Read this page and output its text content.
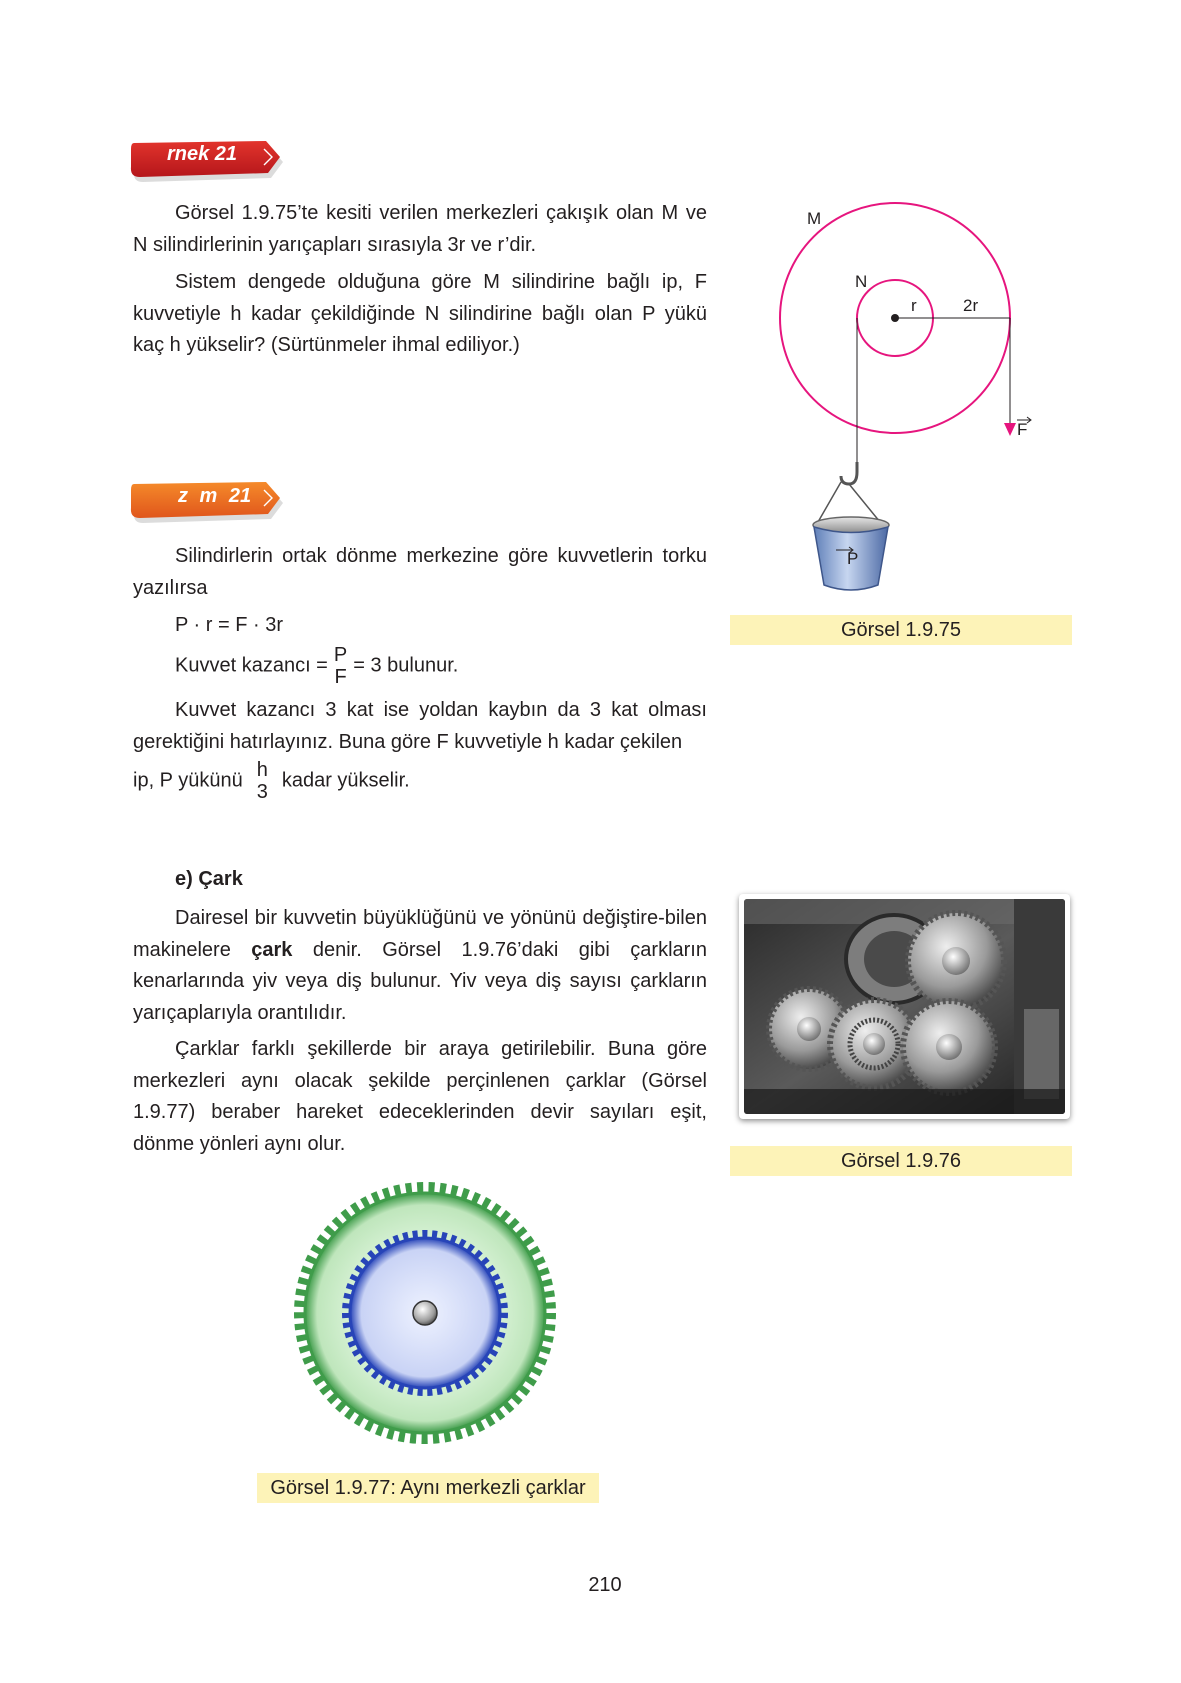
rnek 21

Görsel 1.9.75’te kesiti verilen merkezleri çakışık olan M ve N silindirlerinin yarıçapları sırasıyla 3r ve r’dir.

Sistem dengede olduğuna göre M silindirine bağlı ip, F kuvvetiyle h kadar çekildiğinde N silindirine bağlı olan P yükü kaç h yükselir? (Sürtünmeler ihmal ediliyor.)

M
N
r	2r
F
P
Görsel 1.9.75
z m 21

Silindirlerin ortak dönme merkezine göre kuvvetlerin torku yazılırsa

P · r = F · 3r
Kuvvet kazancı = P
F
= 3 bulunur.

Kuvvet kazancı 3 kat ise yoldan kaybın da 3 kat olması gerektiğini hatırlayınız. Buna göre F kuvvetiyle h kadar çekilen

ip, P yükünü h
3
kadar yükselir.
e) Çark

Dairesel bir kuvvetin büyüklüğünü ve yönünü değiştire-bilen makinelere çark denir. Görsel 1.9.76’daki gibi çarkların kenarlarında yiv veya diş bulunur. Yiv veya diş sayısı çarkların yarıçaplarıyla orantılıdır.

Çarklar farklı şekillerde bir araya getirilebilir. Buna göre merkezleri aynı olacak şekilde perçinlenen çarklar (Görsel 1.9.77) beraber hareket edeceklerinden devir sayıları eşit, dönme yönleri aynı olur.

Görsel 1.9.76
Görsel 1.9.77: Aynı merkezli çarklar
210
